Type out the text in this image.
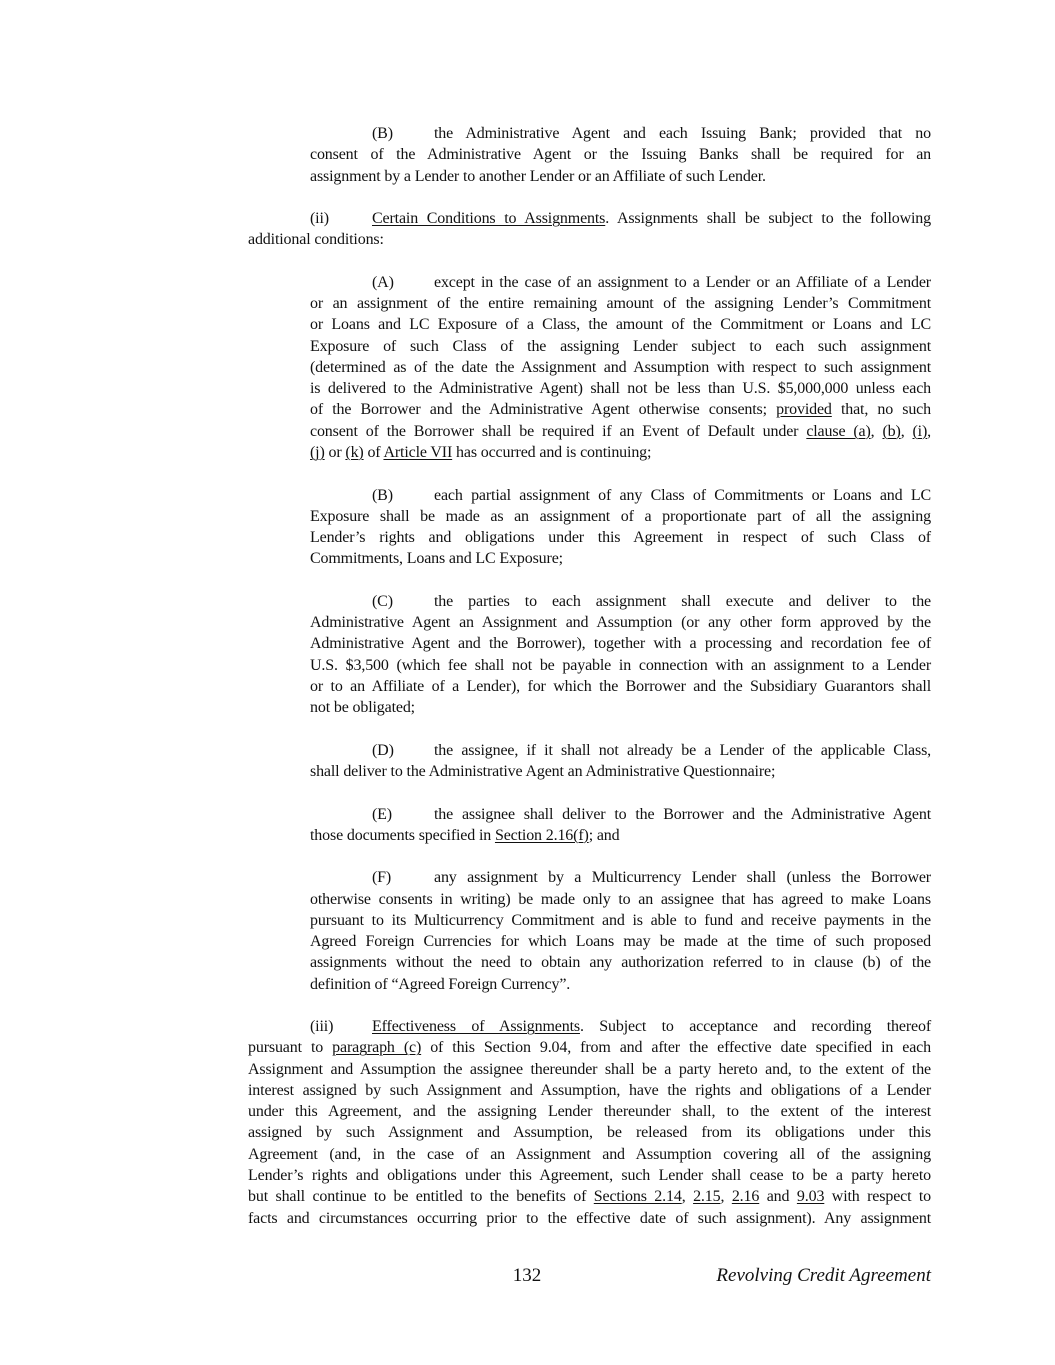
(B)	the Administrative Agent and each Issuing Bank; provided that no
consent of the Administrative Agent or the Issuing Banks shall be required for an
assignment by a Lender to another Lender or an Affiliate of such Lender.
(ii)	Certain Conditions to Assignments. Assignments shall be subject to the following
additional conditions:
(A)	except in the case of an assignment to a Lender or an Affiliate of a Lender
or an assignment of the entire remaining amount of the assigning Lender’s Commitment
or Loans and LC Exposure of a Class, the amount of the Commitment or Loans and LC
Exposure of such Class of the assigning Lender subject to each such assignment
(determined as of the date the Assignment and Assumption with respect to such assignment
is delivered to the Administrative Agent) shall not be less than U.S. $5,000,000 unless each
of the Borrower and the Administrative Agent otherwise consents; provided that, no such
consent of the Borrower shall be required if an Event of Default under clause (a), (b), (i),
(j) or (k) of Article VII has occurred and is continuing;
(B)	each partial assignment of any Class of Commitments or Loans and LC
Exposure shall be made as an assignment of a proportionate part of all the assigning
Lender’s rights and obligations under this Agreement in respect of such Class of
Commitments, Loans and LC Exposure;
(C)	the parties to each assignment shall execute and deliver to the
Administrative Agent an Assignment and Assumption (or any other form approved by the
Administrative Agent and the Borrower), together with a processing and recordation fee of
U.S. $3,500 (which fee shall not be payable in connection with an assignment to a Lender
or to an Affiliate of a Lender), for which the Borrower and the Subsidiary Guarantors shall
not be obligated;
(D)	the assignee, if it shall not already be a Lender of the applicable Class,
shall deliver to the Administrative Agent an Administrative Questionnaire;
(E)	the assignee shall deliver to the Borrower and the Administrative Agent
those documents specified in Section 2.16(f); and
(F)	any assignment by a Multicurrency Lender shall (unless the Borrower
otherwise consents in writing) be made only to an assignee that has agreed to make Loans
pursuant to its Multicurrency Commitment and is able to fund and receive payments in the
Agreed Foreign Currencies for which Loans may be made at the time of such proposed
assignments without the need to obtain any authorization referred to in clause (b) of the
definition of “Agreed Foreign Currency”.
(iii)	Effectiveness of Assignments. Subject to acceptance and recording thereof
pursuant to paragraph (c) of this Section 9.04, from and after the effective date specified in each
Assignment and Assumption the assignee thereunder shall be a party hereto and, to the extent of the
interest assigned by such Assignment and Assumption, have the rights and obligations of a Lender
under this Agreement, and the assigning Lender thereunder shall, to the extent of the interest
assigned by such Assignment and Assumption, be released from its obligations under this
Agreement (and, in the case of an Assignment and Assumption covering all of the assigning
Lender’s rights and obligations under this Agreement, such Lender shall cease to be a party hereto
but shall continue to be entitled to the benefits of Sections 2.14, 2.15, 2.16 and 9.03 with respect to
facts and circumstances occurring prior to the effective date of such assignment). Any assignment
132	Revolving Credit Agreement
